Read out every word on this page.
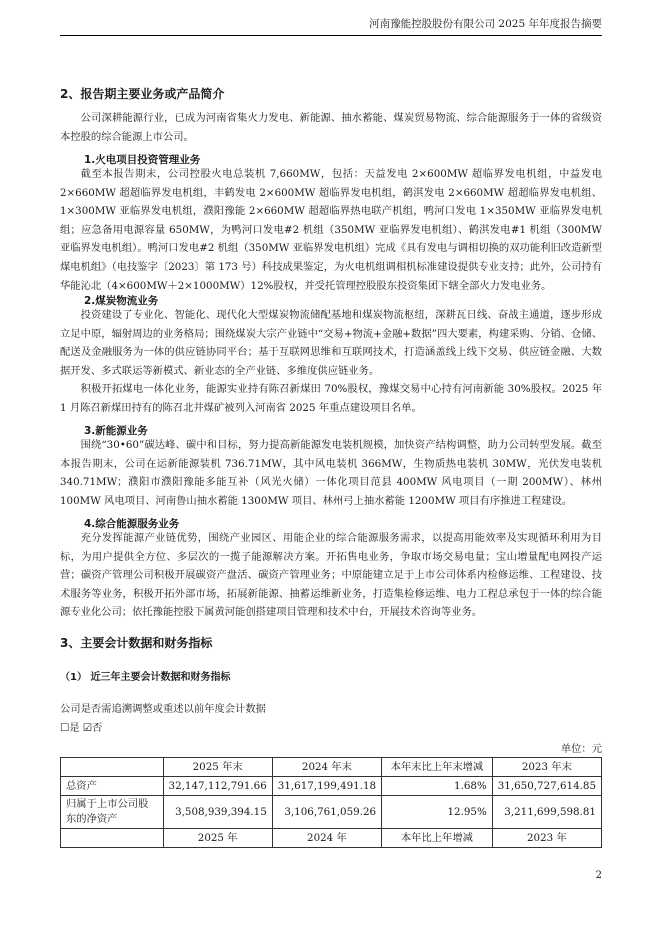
河南豫能控股股份有限公司 2025 年年度报告摘要
2、报告期主要业务或产品简介

公司深耕能源行业，已成为河南省集火力发电、新能源、抽水蓄能、煤炭贸易物流、综合能源服务于一体的省级资本控股的综合能源上市公司。

1.火电项目投资管理业务

截至本报告期末，公司控股火电总装机 7,660MW，包括：天益发电 2×600MW 超临界发电机组，中益发电 2×660MW 超超临界发电机组，丰鹤发电 2×600MW 超临界发电机组，鹤淇发电 2×660MW 超超临界发电机组、1×300MW 亚临界发电机组，濮阳豫能 2×660MW 超超临界热电联产机组，鸭河口发电 1×350MW 亚临界发电机组；应急备用电源容量 650MW，为鸭河口发电#2 机组（350MW 亚临界发电机组）、鹤淇发电#1 机组（300MW 亚临界发电机组）。鸭河口发电#2 机组（350MW 亚临界发电机组）完成《具有发电与调相切换的双功能利旧改造新型煤电机组》（电技鉴字〔2023〕第 173 号）科技成果鉴定，为火电机组调相机标准建设提供专业支持；此外，公司持有华能沁北（4×600MW＋2×1000MW）12%股权，并受托管理控股股东投资集团下辖全部火力发电业务。

2.煤炭物流业务

投资建设了专业化、智能化、现代化大型煤炭物流储配基地和煤炭物流枢纽，深耕瓦日线、奋战主通道，逐步形成立足中原，辐射周边的业务格局；围绕煤炭大宗产业链中“交易+物流+金融+数据”四大要素，构建采购、分销、仓储、配送及金融服务为一体的供应链协同平台；基于互联网思维和互联网技术，打造涵盖线上线下交易、供应链金融、大数据开发、多式联运等新模式、新业态的全产业链、多维度供应链业务。

积极开拓煤电一体化业务，能源实业持有陈召新煤田 70%股权，豫煤交易中心持有河南新能 30%股权。2025 年 1 月陈召新煤田持有的陈召北井煤矿被列入河南省 2025 年重点建设项目名单。

3.新能源业务

围绕“30•60”碳达峰、碳中和目标，努力提高新能源发电装机规模，加快资产结构调整，助力公司转型发展。截至本报告期末，公司在运新能源装机 736.71MW，其中风电装机 366MW，生物质热电装机 30MW，光伏发电装机 340.71MW；濮阳市濮阳豫能多能互补（风光火储）一体化项目范县 400MW 风电项目（一期 200MW）、林州 100MW 风电项目、河南鲁山抽水蓄能 1300MW 项目、林州弓上抽水蓄能 1200MW 项目有序推进工程建设。

4.综合能源服务业务

充分发挥能源产业链优势，围绕产业园区、用能企业的综合能源服务需求，以提高用能效率及实现循环利用为目标，为用户提供全方位、多层次的一揽子能源解决方案。开拓售电业务，争取市场交易电量；宝山增量配电网投产运营；碳资产管理公司积极开展碳资产盘活、碳资产管理业务；中原能建立足于上市公司体系内检修运维、工程建设、技术服务等业务，积极开拓外部市场，拓展新能源、抽蓄运维新业务，打造集检修运维、电力工程总承包于一体的综合能源专业化公司；依托豫能控股下属黄河能创搭建项目管理和技术中台，开展技术咨询等业务。

3、主要会计数据和财务指标
（1） 近三年主要会计数据和财务指标
公司是否需追溯调整或重述以前年度会计数据
☐是 ☑否
单位：元
	2025 年末	2024 年末	本年末比上年末增减	2023 年末
总资产	32,147,112,791.66	31,617,199,491.18	1.68%	31,650,727,614.85
归属于上市公司股东的净资产	3,508,939,394.15	3,106,761,059.26	12.95%	3,211,699,598.81
	2025 年	2024 年	本年比上年增减	2023 年
2
